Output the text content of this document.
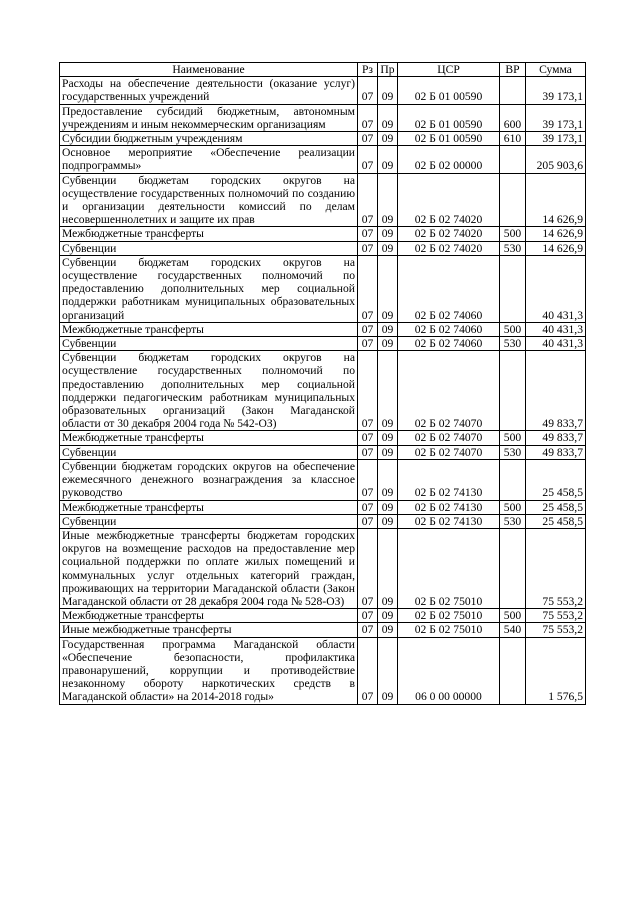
Наименование	Рз	Пр	ЦСР	ВР	Сумма
Расходы на обеспечение деятельности (оказание услуг) государственных учреждений	07	09	02 Б 01 00590		39 173,1
Предоставление субсидий бюджетным, автономным учреждениям и иным некоммерческим организациям	07	09	02 Б 01 00590	600	39 173,1
Субсидии бюджетным учреждениям	07	09	02 Б 01 00590	610	39 173,1
Основное мероприятие «Обеспечение реализации подпрограммы»	07	09	02 Б 02 00000		205 903,6
Субвенции бюджетам городских округов на осуществление государственных полномочий по созданию и организации деятельности комиссий по делам несовершеннолетних и защите их прав	07	09	02 Б 02 74020		14 626,9
Межбюджетные трансферты	07	09	02 Б 02 74020	500	14 626,9
Субвенции	07	09	02 Б 02 74020	530	14 626,9
Субвенции бюджетам городских округов на осуществление государственных полномочий по предоставлению дополнительных мер социальной поддержки работникам муниципальных образовательных организаций	07	09	02 Б 02 74060		40 431,3
Межбюджетные трансферты	07	09	02 Б 02 74060	500	40 431,3
Субвенции	07	09	02 Б 02 74060	530	40 431,3
Субвенции бюджетам городских округов на осуществление государственных полномочий по предоставлению дополнительных мер социальной поддержки педагогическим работникам муниципальных образовательных организаций (Закон Магаданской области от 30 декабря 2004 года № 542-ОЗ)	07	09	02 Б 02 74070		49 833,7
Межбюджетные трансферты	07	09	02 Б 02 74070	500	49 833,7
Субвенции	07	09	02 Б 02 74070	530	49 833,7
Субвенции бюджетам городских округов на обеспечение ежемесячного денежного вознаграждения за классное руководство	07	09	02 Б 02 74130		25 458,5
Межбюджетные трансферты	07	09	02 Б 02 74130	500	25 458,5
Субвенции	07	09	02 Б 02 74130	530	25 458,5
Иные межбюджетные трансферты бюджетам городских округов на возмещение расходов на предоставление мер социальной поддержки по оплате жилых помещений и коммунальных услуг отдельных категорий граждан, проживающих на территории Магаданской области (Закон Магаданской области от 28 декабря 2004 года № 528-ОЗ)	07	09	02 Б 02 75010		75 553,2
Межбюджетные трансферты	07	09	02 Б 02 75010	500	75 553,2
Иные межбюджетные трансферты	07	09	02 Б 02 75010	540	75 553,2
Государственная программа Магаданской области «Обеспечение безопасности, профилактика правонарушений, коррупции и противодействие незаконному обороту наркотических средств в Магаданской области» на 2014-2018 годы»	07	09	06 0 00 00000		1 576,5
